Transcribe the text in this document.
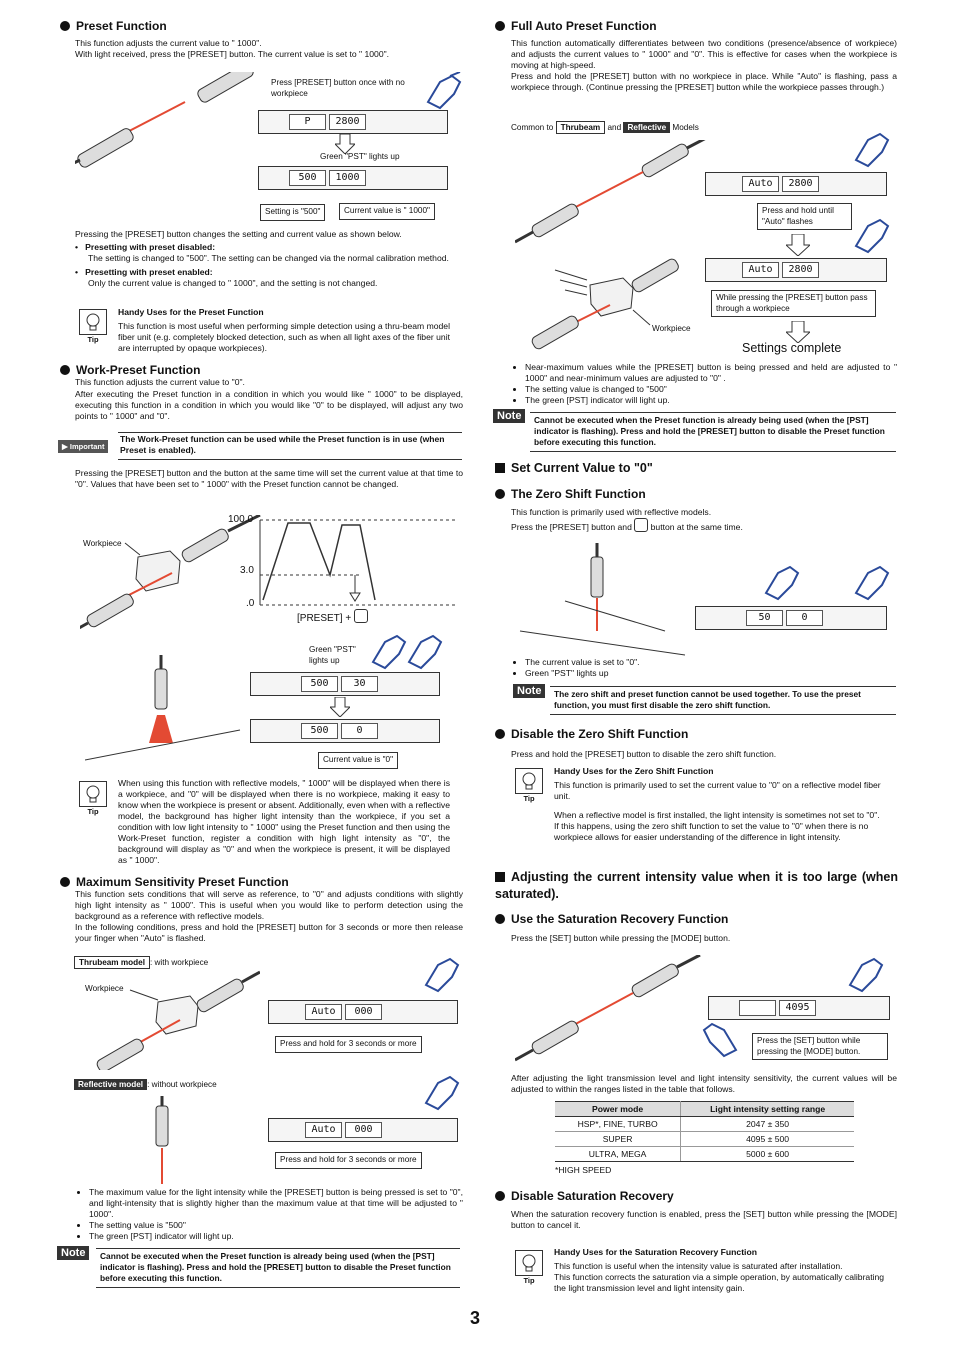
Preset Function
This function adjusts the current value to " 1000".
With light received, press the [PRESET] button. The current value is set to " 1000".
Press [PRESET] button once with no workpiece
P	2800
Green "PST" lights up
500	1000
Setting is "500"	Current value is " 1000"
Pressing the [PRESET] button changes the setting and current value as shown below.
•   Presetting with preset disabled:
The setting is changed to "500". The setting can be changed via the normal calibration method.
•   Presetting with preset enabled:
Only the current value is changed to " 1000", and the setting is not changed.
Tip
Handy Uses for the Preset Function
This function is most useful when performing simple detection using a thru-beam model fiber unit (e.g. completely blocked detection, such as when all light axes of the fiber unit are interrupted by opaque workpieces).
Work-Preset Function
This function adjusts the current value to "0".
After executing the Preset function in a condition in which you would like " 1000" to be displayed, executing this function in a condition in which you would like "0" to be displayed, will adjust any two points to " 1000" and "0".
▶ Important
The Work-Preset function can be used while the Preset function is in use (when Preset is enabled).
Pressing the [PRESET] button and the button at the same time will set the current value at that time to "0". Values that have been set to " 1000" with the Preset function cannot be changed.
Workpiece
100.0
3.0
.0
[PRESET] +
Green "PST" lights up
500	30
500	0
Current value is "0"
Tip
When using this function with reflective models, " 1000" will be displayed when there is a workpiece, and "0" will be displayed when there is no workpiece, making it easy to know when the workpiece is present or absent. Additionally, even when with a reflective model, the background has higher light intensity than the workpiece, if you set a condition with low light intensity to " 1000" using the Preset function and then using the Work-Preset function, register a condition with high light intensity as "0", the background will display as "0" and when the workpiece is present, it will be displayed as " 1000".
Maximum Sensitivity Preset Function
This function sets conditions that will serve as reference, to "0" and adjusts conditions with slightly high light intensity as " 1000". This is useful when you would like to perform detection using the background as a reference with reflective models.
In the following conditions, press and hold the [PRESET] button for 3 seconds or more then release your finger when "Auto" is flashed.
Thrubeam model : with workpiece
Workpiece
Auto	000
Press and hold for 3 seconds or more
Reflective model : without workpiece
Auto	000
Press and hold for 3 seconds or more
• The maximum value for the light intensity while the [PRESET] button is being pressed is set to "0", and light-intensity that is slightly higher than the maximum value at that time will be adjusted to " 1000".
• The setting value is "500"
• The green [PST] indicator will light up.
Note	Cannot be executed when the Preset function is already being used (when the [PST] indicator is flashing). Press and hold the [PRESET] button to disable the Preset function before executing this function.
Full Auto Preset Function
This function automatically differentiates between two conditions (presence/absence of workpiece) and adjusts the current values to " 1000" and "0". This is effective for cases when the workpiece is moving at high-speed.
Press and hold the [PRESET] button with no workpiece in place. While "Auto" is flashing, pass a workpiece through. (Continue pressing the [PRESET] button while the workpiece passes through.)
Common to Thrubeam and Reflective Models
Auto	2800
Press and hold until "Auto" flashes
Auto	2800
While pressing the [PRESET] button pass through a workpiece
Workpiece
Settings complete
• Near-maximum values while the [PRESET] button is being pressed and held are adjusted to " 1000" and near-minimum values are adjusted to "0" .
• The setting value is changed to "500"
• The green [PST] indicator will light up.
Note	Cannot be executed when the Preset function is already being used (when the [PST] indicator is flashing). Press and hold the [PRESET] button to disable the Preset function before executing this function.
Set Current Value to "0"
The Zero Shift Function
This function is primarily used with reflective models.
Press the [PRESET] button and button at the same time.
50	0
• The current value is set to "0".
• Green "PST" lights up
Note	The zero shift and preset function cannot be used together. To use the preset function, you must first disable the zero shift function.
Disable the Zero Shift Function
Press and hold the [PRESET] button to disable the zero shift function.
Tip
Handy Uses for the Zero Shift Function
This function is primarily used to set the current value to "0" on a reflective model fiber unit.
When a reflective model is first installed, the light intensity is sometimes not set to "0".
If this happens, using the zero shift function to set the value to "0" when there is no workpiece allows for easier understanding of the difference in light intensity.
Adjusting the current intensity value when it is too large (when saturated).
Use the Saturation Recovery Function
Press the [SET] button while pressing the [MODE] button.
4095
Press the [SET] button while pressing the [MODE] button.
After adjusting the light transmission level and light intensity sensitivity, the current values will be adjusted to within the ranges listed in the table that follows.
Power mode	Light intensity setting range
HSP*, FINE, TURBO	2047 ± 350
SUPER	4095 ± 500
ULTRA, MEGA	5000 ± 600
*HIGH SPEED
Disable Saturation Recovery
When the saturation recovery function is enabled, press the [SET] button while pressing the [MODE] button to cancel it.
Tip
Handy Uses for the Saturation Recovery Function
This function is useful when the intensity value is saturated after installation.
This function corrects the saturation via a simple operation, by automatically calibrating the light transmission level and light intensity gain.
3
